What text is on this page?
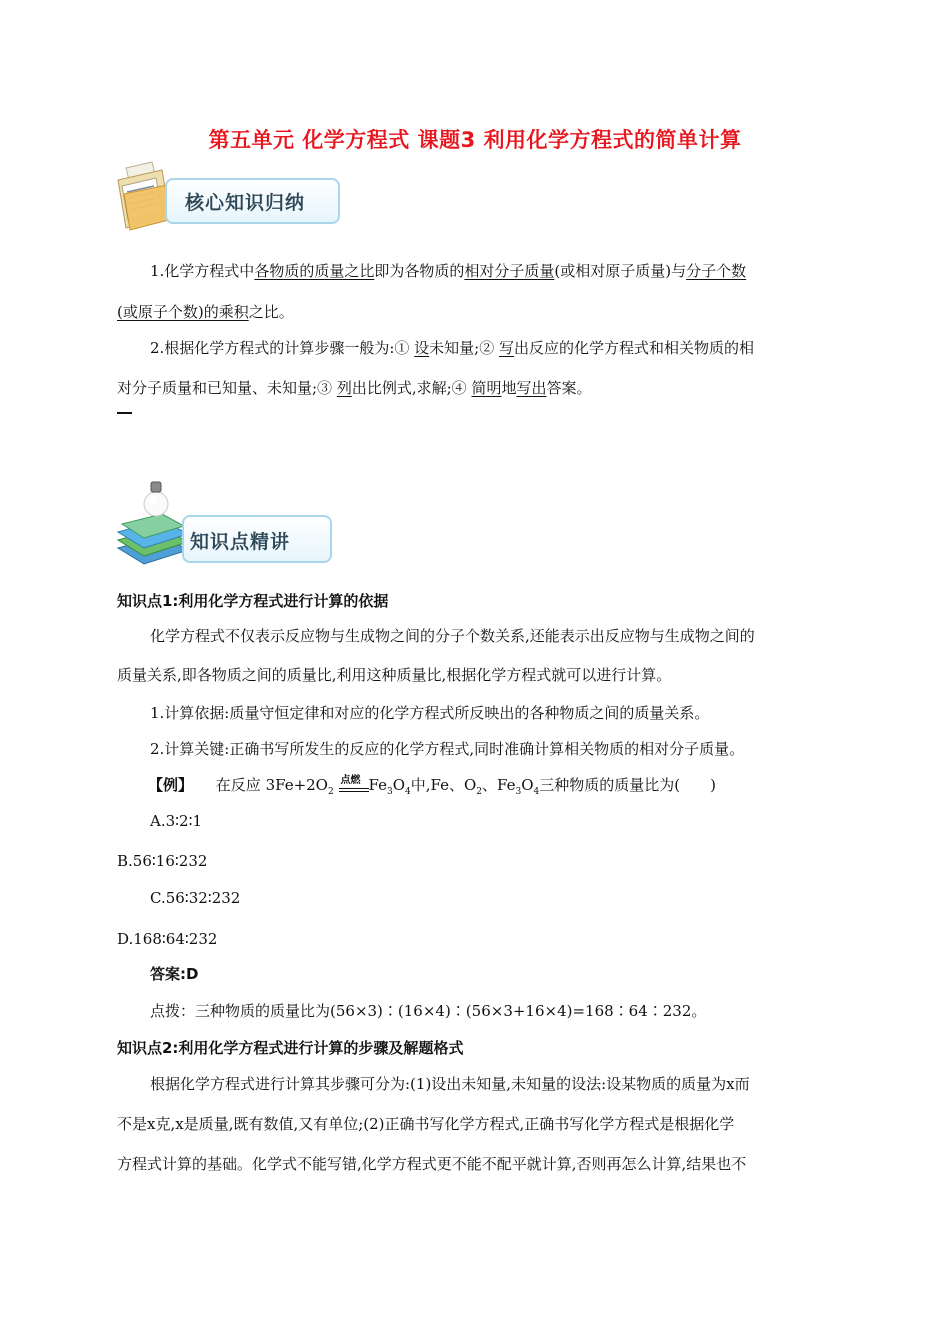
第五单元 化学方程式 课题3 利用化学方程式的简单计算
核心知识归纳
1.化学方程式中各物质的质量之比即为各物质的相对分子质量(或相对原子质量)与分子个数
(或原子个数)的乘积之比。
2.根据化学方程式的计算步骤一般为:① 设未知量;② 写出反应的化学方程式和相关物质的相
对分子质量和已知量、未知量;③ 列出比例式,求解;④ 简明地写出答案。
知识点精讲
知识点1:利用化学方程式进行计算的依据
化学方程式不仅表示反应物与生成物之间的分子个数关系,还能表示出反应物与生成物之间的
质量关系,即各物质之间的质量比,利用这种质量比,根据化学方程式就可以进行计算。
1.计算依据:质量守恒定律和对应的化学方程式所反映出的各种物质之间的质量关系。
2.计算关键:正确书写所发生的反应的化学方程式,同时准确计算相关物质的相对分子质量。
【例】 在反应 $3Fe+2O_2$
点燃 $Fe_3O_4$中,Fe、$O_2$、$Fe_3O_4$三种物质的质量比为(　　)
A.3∶2∶1
B.56∶16∶232
C.56∶32∶232
D.168∶64∶232
答案:D
点拨：三种物质的质量比为(56×3)∶(16×4)∶(56×3+16×4)=168∶64∶232。
知识点2:利用化学方程式进行计算的步骤及解题格式
根据化学方程式进行计算其步骤可分为:(1)设出未知量,未知量的设法:设某物质的质量为x而
不是x克,x是质量,既有数值,又有单位;(2)正确书写化学方程式,正确书写化学方程式是根据化学
方程式计算的基础。化学式不能写错,化学方程式更不能不配平就计算,否则再怎么计算,结果也不
